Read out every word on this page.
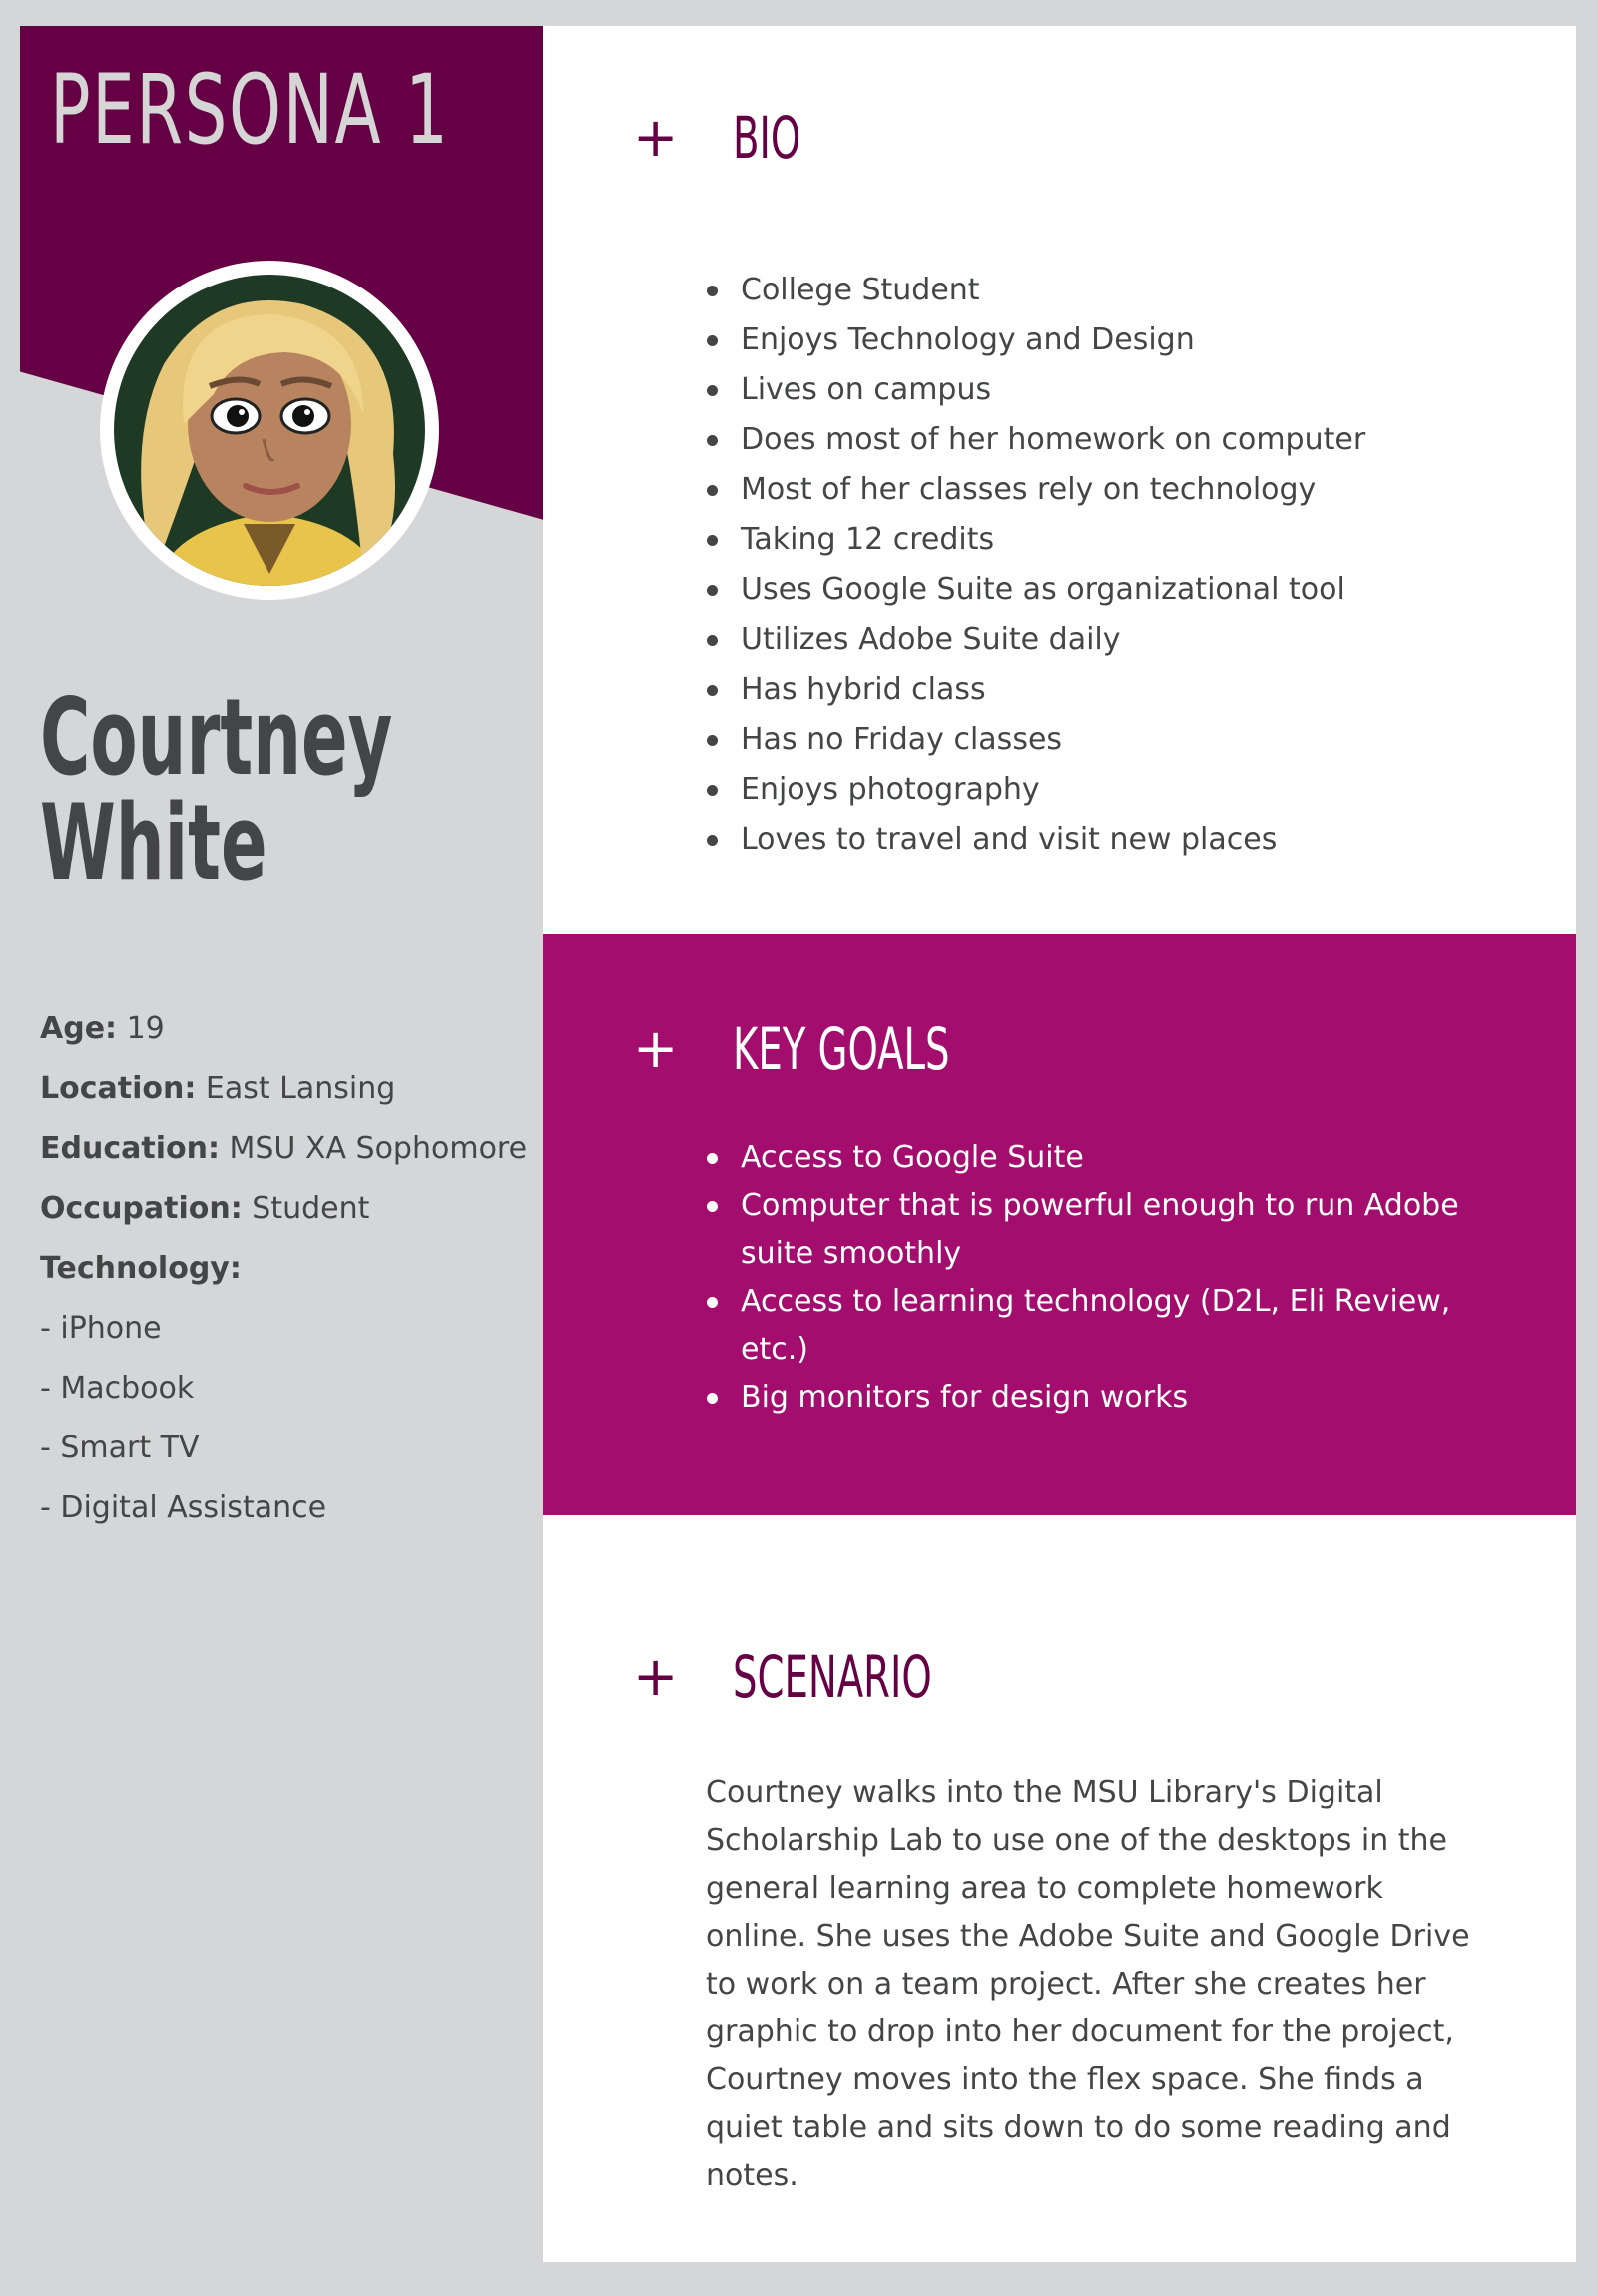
PERSONA 1
Courtney White
Age: 19
Location: East Lansing
Education: MSU XA Sophomore
Occupation: Student
Technology:
- iPhone
- Macbook
- Smart TV
- Digital Assistance
+ BIO
College Student
Enjoys Technology and Design
Lives on campus
Does most of her homework on computer
Most of her classes rely on technology
Taking 12 credits
Uses Google Suite as organizational tool
Utilizes Adobe Suite daily
Has hybrid class
Has no Friday classes
Enjoys photography
Loves to travel and visit new places
+ KEY GOALS
Access to Google Suite
Computer that is powerful enough to run Adobe suite smoothly
Access to learning technology (D2L, Eli Review, etc.)
Big monitors for design works
+ SCENARIO

Courtney walks into the MSU Library's Digital Scholarship Lab to use one of the desktops in the general learning area to complete homework online. She uses the Adobe Suite and Google Drive to work on a team project. After she creates her graphic to drop into her document for the project, Courtney moves into the flex space. She finds a quiet table and sits down to do some reading and notes.
